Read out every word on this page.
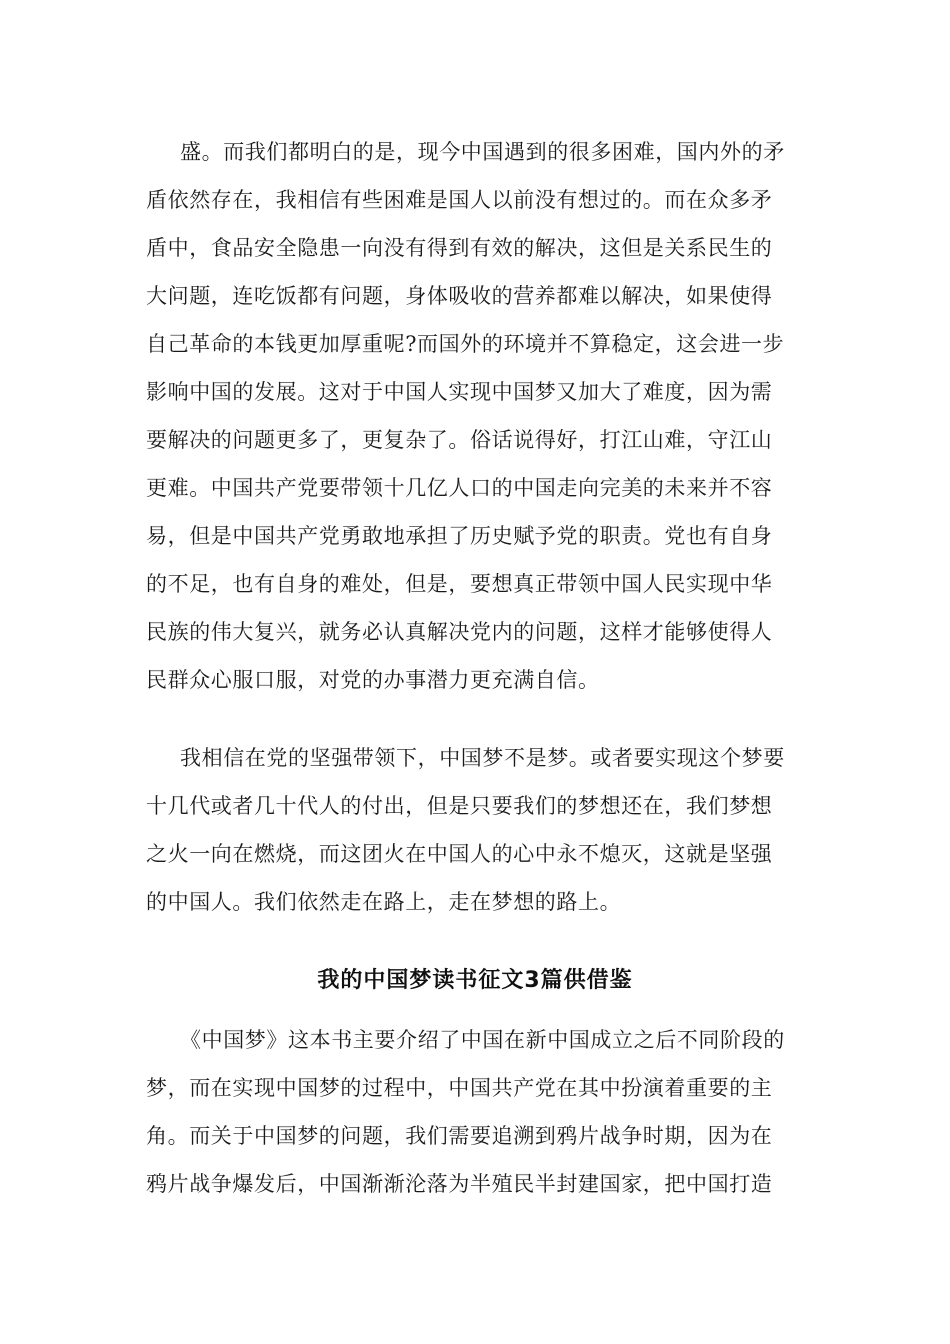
盛。而我们都明白的是，现今中国遇到的很多困难，国内外的矛
盾依然存在，我相信有些困难是国人以前没有想过的。而在众多矛
盾中，食品安全隐患一向没有得到有效的解决，这但是关系民生的
大问题，连吃饭都有问题，身体吸收的营养都难以解决，如果使得
自己革命的本钱更加厚重呢?而国外的环境并不算稳定，这会进一步
影响中国的发展。这对于中国人实现中国梦又加大了难度，因为需
要解决的问题更多了，更复杂了。俗话说得好，打江山难，守江山
更难。中国共产党要带领十几亿人口的中国走向完美的未来并不容
易，但是中国共产党勇敢地承担了历史赋予党的职责。党也有自身
的不足，也有自身的难处，但是，要想真正带领中国人民实现中华
民族的伟大复兴，就务必认真解决党内的问题，这样才能够使得人
民群众心服口服，对党的办事潜力更充满自信。
我相信在党的坚强带领下，中国梦不是梦。或者要实现这个梦要
十几代或者几十代人的付出，但是只要我们的梦想还在，我们梦想
之火一向在燃烧，而这团火在中国人的心中永不熄灭，这就是坚强
的中国人。我们依然走在路上，走在梦想的路上。
我的中国梦读书征文3篇供借鉴
《中国梦》这本书主要介绍了中国在新中国成立之后不同阶段的
梦，而在实现中国梦的过程中，中国共产党在其中扮演着重要的主
角。而关于中国梦的问题，我们需要追溯到鸦片战争时期，因为在
鸦片战争爆发后，中国渐渐沦落为半殖民半封建国家，把中国打造
